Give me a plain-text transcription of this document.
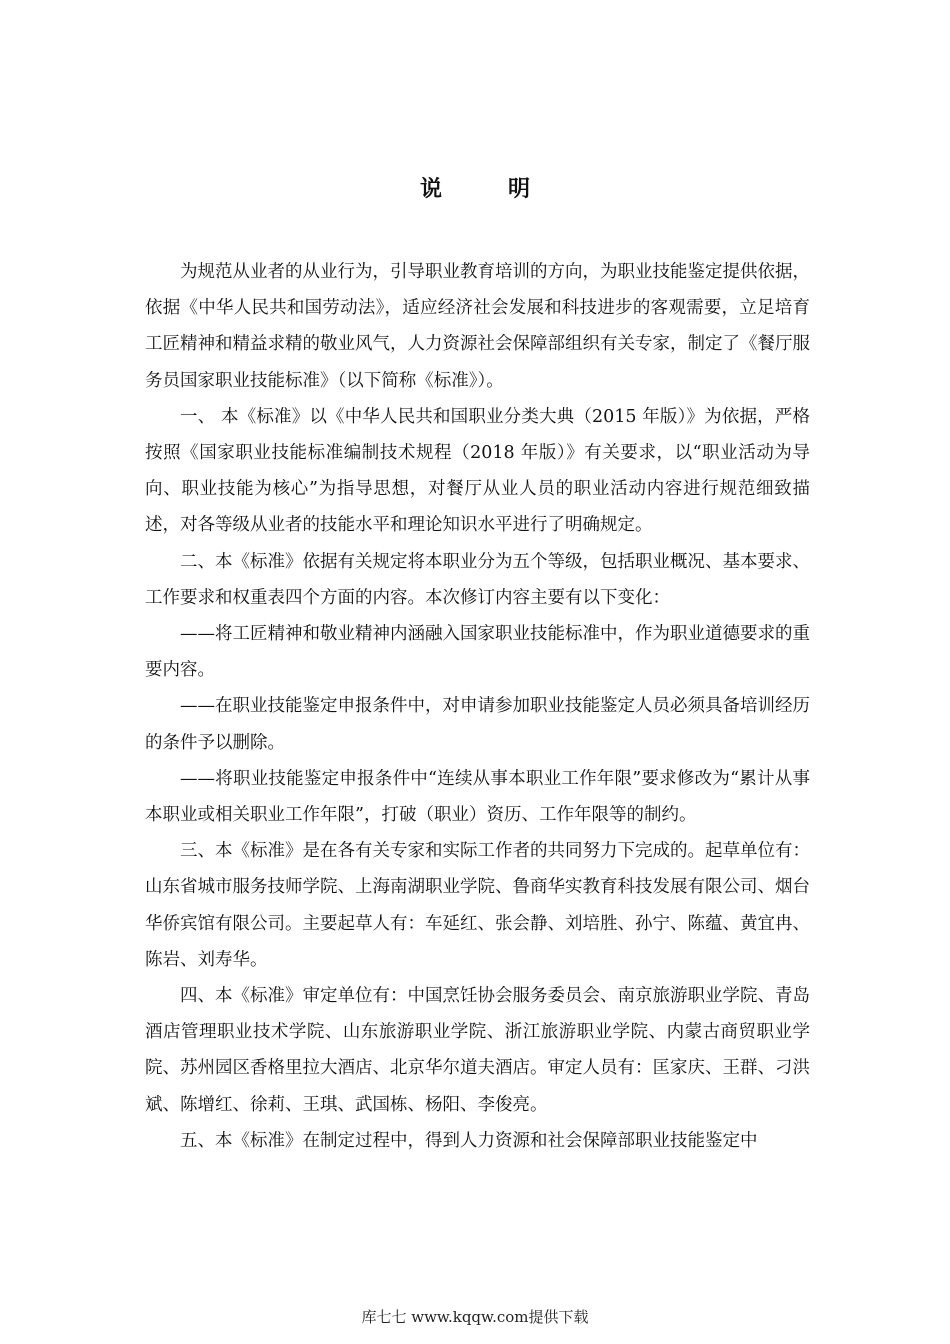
说　明

为规范从业者的从业行为，引导职业教育培训的方向，为职业技能鉴定提供依据，依据《中华人民共和国劳动法》，适应经济社会发展和科技进步的客观需要，立足培育工匠精神和精益求精的敬业风气，人力资源社会保障部组织有关专家，制定了《餐厅服务员国家职业技能标准》（以下简称《标准》）。

一、 本《标准》以《中华人民共和国职业分类大典（2015 年版）》为依据，严格按照《国家职业技能标准编制技术规程（2018 年版）》有关要求，以“职业活动为导向、职业技能为核心”为指导思想，对餐厅从业人员的职业活动内容进行规范细致描述，对各等级从业者的技能水平和理论知识水平进行了明确规定。

二、本《标准》依据有关规定将本职业分为五个等级，包括职业概况、基本要求、工作要求和权重表四个方面的内容。本次修订内容主要有以下变化：

——将工匠精神和敬业精神内涵融入国家职业技能标准中，作为职业道德要求的重要内容。

——在职业技能鉴定申报条件中，对申请参加职业技能鉴定人员必须具备培训经历的条件予以删除。

——将职业技能鉴定申报条件中“连续从事本职业工作年限”要求修改为“累计从事本职业或相关职业工作年限”，打破（职业）资历、工作年限等的制约。

三、本《标准》是在各有关专家和实际工作者的共同努力下完成的。起草单位有：山东省城市服务技师学院、上海南湖职业学院、鲁商华实教育科技发展有限公司、烟台华侨宾馆有限公司。主要起草人有：车延红、张会静、刘培胜、孙宁、陈蕴、黄宜冉、陈岩、刘寿华。

四、本《标准》审定单位有：中国烹饪协会服务委员会、南京旅游职业学院、青岛酒店管理职业技术学院、山东旅游职业学院、浙江旅游职业学院、内蒙古商贸职业学院、苏州园区香格里拉大酒店、北京华尔道夫酒店。审定人员有：匡家庆、王群、刁洪斌、陈增红、徐莉、王琪、武国栋、杨阳、李俊亮。

五、本《标准》在制定过程中，得到人力资源和社会保障部职业技能鉴定中

库七七 www.kqqw.com提供下载
